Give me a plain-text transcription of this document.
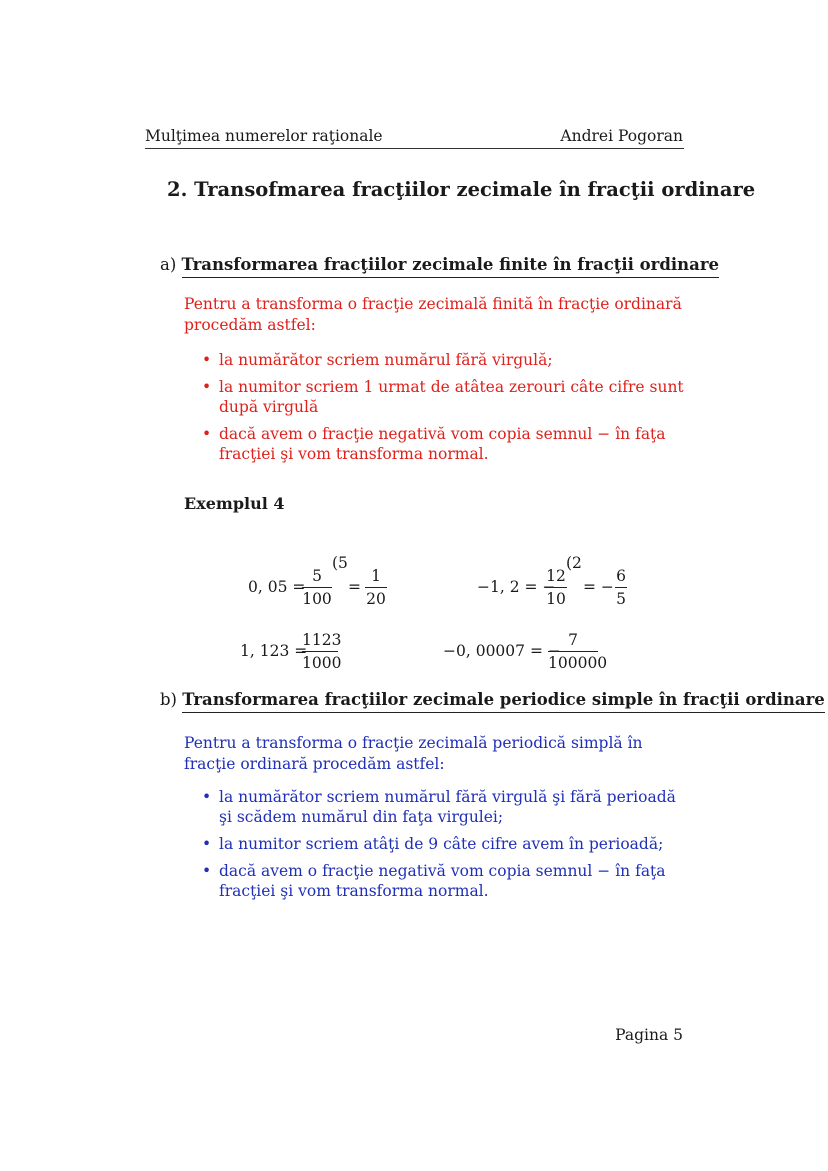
Mulţimea numerelor raţionale	Andrei Pogoran
2. Transofmarea fracţiilor zecimale în fracţii ordinare
a) Transformarea fracţiilor zecimale finite în fracţii ordinare
Pentru a transforma o fracţie zecimală finită în fracţie ordinară procedăm astfel:
• la numărător scriem numărul fără virgulă;
• la numitor scriem 1 urmat de atâtea zerouri câte cifre sunt după virgulă
• dacă avem o fracţie negativă vom copia semnul − în faţa fracţiei şi vom transforma normal.
Exemplul 4
0, 05 =
5
100
(5
=
1
20
−1, 2 = −
12
10
(2
= −
6
5
1, 123 =
1123
1000
−0, 00007 = −
7
100000
b) Transformarea fracţiilor zecimale periodice simple în fracţii ordinare
Pentru a transforma o fracţie zecimală periodică simplă în fracţie ordinară procedăm astfel:
• la numărător scriem numărul fără virgulă şi fără perioadă şi scădem numărul din faţa virgulei;
• la numitor scriem atâţi de 9 câte cifre avem în perioadă;
• dacă avem o fracţie negativă vom copia semnul − în faţa fracţiei şi vom transforma normal.
Pagina 5
